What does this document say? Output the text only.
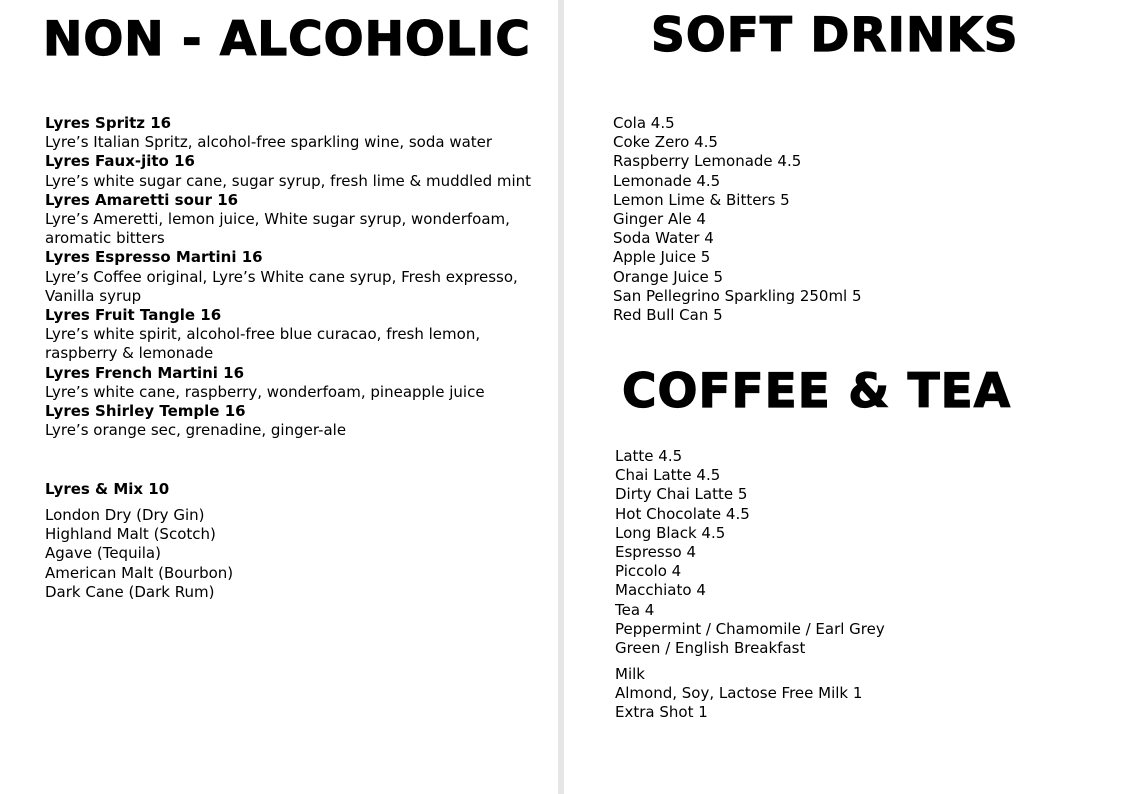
NON - ALCOHOLIC
Lyres Spritz 16
Lyre’s Italian Spritz, alcohol-free sparkling wine, soda water
Lyres Faux-jito 16
Lyre’s white sugar cane, sugar syrup, fresh lime & muddled mint
Lyres Amaretti sour 16
Lyre’s Ameretti, lemon juice, White sugar syrup, wonderfoam, aromatic bitters
Lyres Espresso Martini 16
Lyre’s Coffee original, Lyre’s White cane syrup, Fresh expresso, Vanilla syrup
Lyres Fruit Tangle 16
Lyre’s white spirit, alcohol-free blue curacao, fresh lemon, raspberry & lemonade
Lyres French Martini 16
Lyre’s white cane, raspberry, wonderfoam, pineapple juice
Lyres Shirley Temple 16
Lyre’s orange sec, grenadine, ginger-ale
Lyres & Mix 10
London Dry (Dry Gin)
Highland Malt (Scotch)
Agave (Tequila)
American Malt (Bourbon)
Dark Cane (Dark Rum)
SOFT DRINKS
Cola 4.5
Coke Zero 4.5
Raspberry Lemonade 4.5
Lemonade 4.5
Lemon Lime & Bitters 5
Ginger Ale 4
Soda Water 4
Apple Juice 5
Orange Juice 5
San Pellegrino Sparkling 250ml 5
Red Bull Can 5
COFFEE & TEA
Latte 4.5
Chai Latte 4.5
Dirty Chai Latte 5
Hot Chocolate 4.5
Long Black 4.5
Espresso 4
Piccolo 4
Macchiato 4
Tea 4
Peppermint / Chamomile / Earl Grey
Green / English Breakfast
Milk
Almond, Soy, Lactose Free Milk 1
Extra Shot 1
